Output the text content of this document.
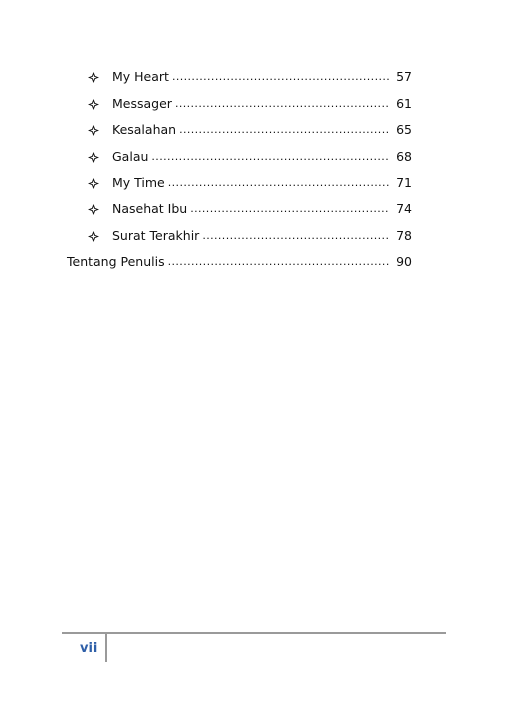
My Heart .....	57
Messager .....	61
Kesalahan .....	65
Galau .....	68
My Time .....	71
Nasehat Ibu .....	74
Surat Terakhir .....	78
Tentang Penulis .....	90
vii
